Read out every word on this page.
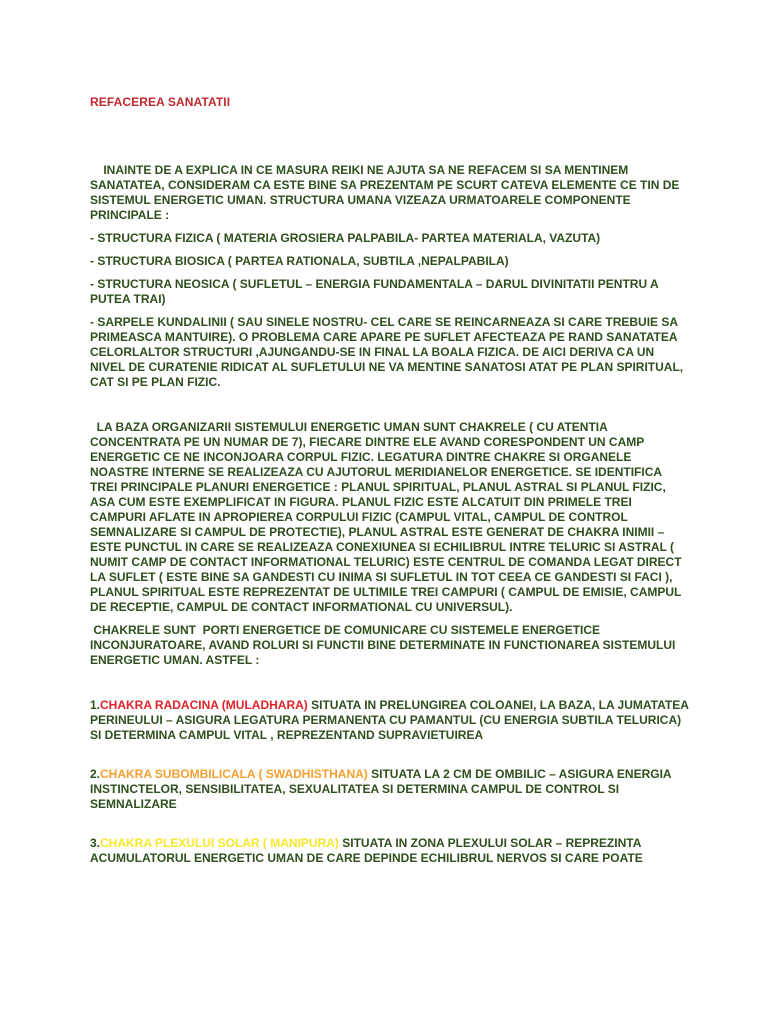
REFACEREA SANATATII

INAINTE DE A EXPLICA IN CE MASURA REIKI NE AJUTA SA NE REFACEM SI SA MENTINEM SANATATEA, CONSIDERAM CA ESTE BINE SA PREZENTAM PE SCURT CATEVA ELEMENTE CE TIN DE SISTEMUL ENERGETIC UMAN. STRUCTURA UMANA VIZEAZA URMATOARELE COMPONENTE PRINCIPALE :

- STRUCTURA FIZICA ( MATERIA GROSIERA PALPABILA- PARTEA MATERIALA, VAZUTA)

- STRUCTURA BIOSICA ( PARTEA RATIONALA, SUBTILA ,NEPALPABILA)

- STRUCTURA NEOSICA ( SUFLETUL – ENERGIA FUNDAMENTALA – DARUL DIVINITATII PENTRU A PUTEA TRAI)

- SARPELE KUNDALINII ( SAU SINELE NOSTRU- CEL CARE SE REINCARNEAZA SI CARE TREBUIE SA PRIMEASCA MANTUIRE). O PROBLEMA CARE APARE PE SUFLET AFECTEAZA PE RAND SANATATEA CELORLALTOR STRUCTURI ,AJUNGANDU-SE IN FINAL LA BOALA FIZICA. DE AICI DERIVA CA UN NIVEL DE CURATENIE RIDICAT AL SUFLETULUI NE VA MENTINE SANATOSI ATAT PE PLAN SPIRITUAL, CAT SI PE PLAN FIZIC.

LA BAZA ORGANIZARII SISTEMULUI ENERGETIC UMAN SUNT CHAKRELE ( CU ATENTIA CONCENTRATA PE UN NUMAR DE 7), FIECARE DINTRE ELE AVAND CORESPONDENT UN CAMP ENERGETIC CE NE INCONJOARA CORPUL FIZIC. LEGATURA DINTRE CHAKRE SI ORGANELE NOASTRE INTERNE SE REALIZEAZA CU AJUTORUL MERIDIANELOR ENERGETICE. SE IDENTIFICA TREI PRINCIPALE PLANURI ENERGETICE : PLANUL SPIRITUAL, PLANUL ASTRAL SI PLANUL FIZIC, ASA CUM ESTE EXEMPLIFICAT IN FIGURA. PLANUL FIZIC ESTE ALCATUIT DIN PRIMELE TREI CAMPURI AFLATE IN APROPIEREA CORPULUI FIZIC (CAMPUL VITAL, CAMPUL DE CONTROL SEMNALIZARE SI CAMPUL DE PROTECTIE), PLANUL ASTRAL ESTE GENERAT DE CHAKRA INIMII – ESTE PUNCTUL IN CARE SE REALIZEAZA CONEXIUNEA SI ECHILIBRUL INTRE TELURIC SI ASTRAL ( NUMIT CAMP DE CONTACT INFORMATIONAL TELURIC) ESTE CENTRUL DE COMANDA LEGAT DIRECT LA SUFLET ( ESTE BINE SA GANDESTI CU INIMA SI SUFLETUL IN TOT CEEA CE GANDESTI SI FACI ), PLANUL SPIRITUAL ESTE REPREZENTAT DE ULTIMILE TREI CAMPURI ( CAMPUL DE EMISIE, CAMPUL DE RECEPTIE, CAMPUL DE CONTACT INFORMATIONAL CU UNIVERSUL).

CHAKRELE SUNT  PORTI ENERGETICE DE COMUNICARE CU SISTEMELE ENERGETICE INCONJURATOARE, AVAND ROLURI SI FUNCTII BINE DETERMINATE IN FUNCTIONAREA SISTEMULUI ENERGETIC UMAN. ASTFEL :

1.CHAKRA RADACINA (MULADHARA) SITUATA IN PRELUNGIREA COLOANEI, LA BAZA, LA JUMATATEA PERINEULUI – ASIGURA LEGATURA PERMANENTA CU PAMANTUL (CU ENERGIA SUBTILA TELURICA) SI DETERMINA CAMPUL VITAL , REPREZENTAND SUPRAVIETUIREA

2.CHAKRA SUBOMBILICALA ( SWADHISTHANA) SITUATA LA 2 CM DE OMBILIC – ASIGURA ENERGIA INSTINCTELOR, SENSIBILITATEA, SEXUALITATEA SI DETERMINA CAMPUL DE CONTROL SI SEMNALIZARE

3.CHAKRA PLEXULUI SOLAR ( MANIPURA) SITUATA IN ZONA PLEXULUI SOLAR – REPREZINTA ACUMULATORUL ENERGETIC UMAN DE CARE DEPINDE ECHILIBRUL NERVOS SI CARE POATE
